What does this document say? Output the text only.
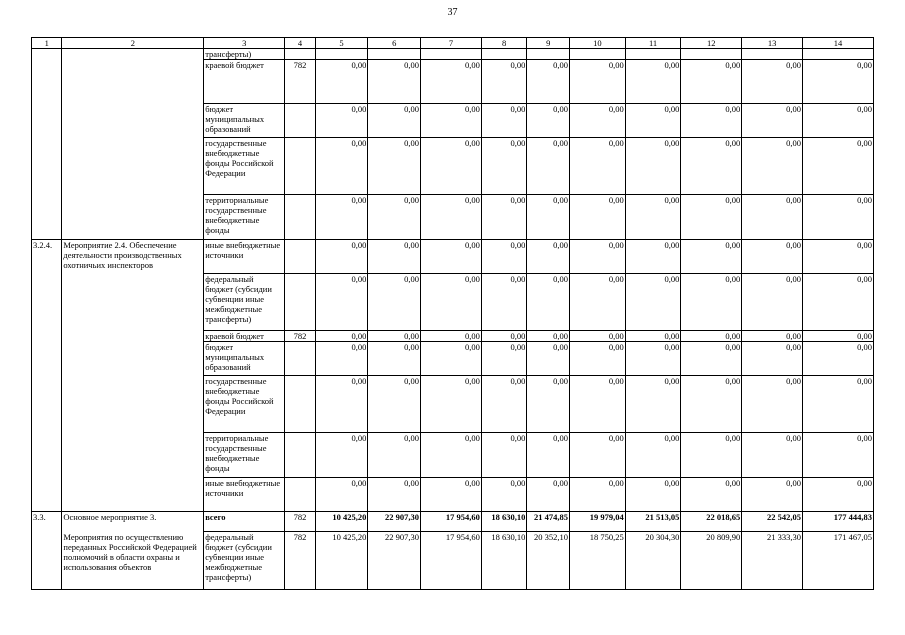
37
1	2	3	4	5	6	7	8	9	10	11	12	13	14
		трансферты)											
		краевой бюджет	782	0,00	0,00	0,00	0,00	0,00	0,00	0,00	0,00	0,00	0,00
		бюджет муниципальных образований		0,00	0,00	0,00	0,00	0,00	0,00	0,00	0,00	0,00	0,00
		государственные внебюджетные фонды Российской Федерации		0,00	0,00	0,00	0,00	0,00	0,00	0,00	0,00	0,00	0,00
		территориальные государственные внебюджетные фонды		0,00	0,00	0,00	0,00	0,00	0,00	0,00	0,00	0,00	0,00
3.2.4.	Мероприятие 2.4. Обеспечение деятельности производственных охотничьих инспекторов	иные внебюджетные источники		0,00	0,00	0,00	0,00	0,00	0,00	0,00	0,00	0,00	0,00
		федеральный бюджет (субсидии субвенции иные межбюджетные трансферты)		0,00	0,00	0,00	0,00	0,00	0,00	0,00	0,00	0,00	0,00
		краевой бюджет	782	0,00	0,00	0,00	0,00	0,00	0,00	0,00	0,00	0,00	0,00
		бюджет муниципальных образований		0,00	0,00	0,00	0,00	0,00	0,00	0,00	0,00	0,00	0,00
		государственные внебюджетные фонды Российской Федерации		0,00	0,00	0,00	0,00	0,00	0,00	0,00	0,00	0,00	0,00
		территориальные государственные внебюджетные фонды		0,00	0,00	0,00	0,00	0,00	0,00	0,00	0,00	0,00	0,00
		иные внебюджетные источники		0,00	0,00	0,00	0,00	0,00	0,00	0,00	0,00	0,00	0,00
3.3.	Основное мероприятие 3.	всего	782	10 425,20	22 907,30	17 954,60	18 630,10	21 474,85	19 979,04	21 513,05	22 018,65	22 542,05	177 444,83
	Мероприятия по осуществлению переданных Российской Федерацией полномочий в области охраны и использования объектов	федеральный бюджет (субсидии субвенции иные межбюджетные трансферты)	782	10 425,20	22 907,30	17 954,60	18 630,10	20 352,10	18 750,25	20 304,30	20 809,90	21 333,30	171 467,05
